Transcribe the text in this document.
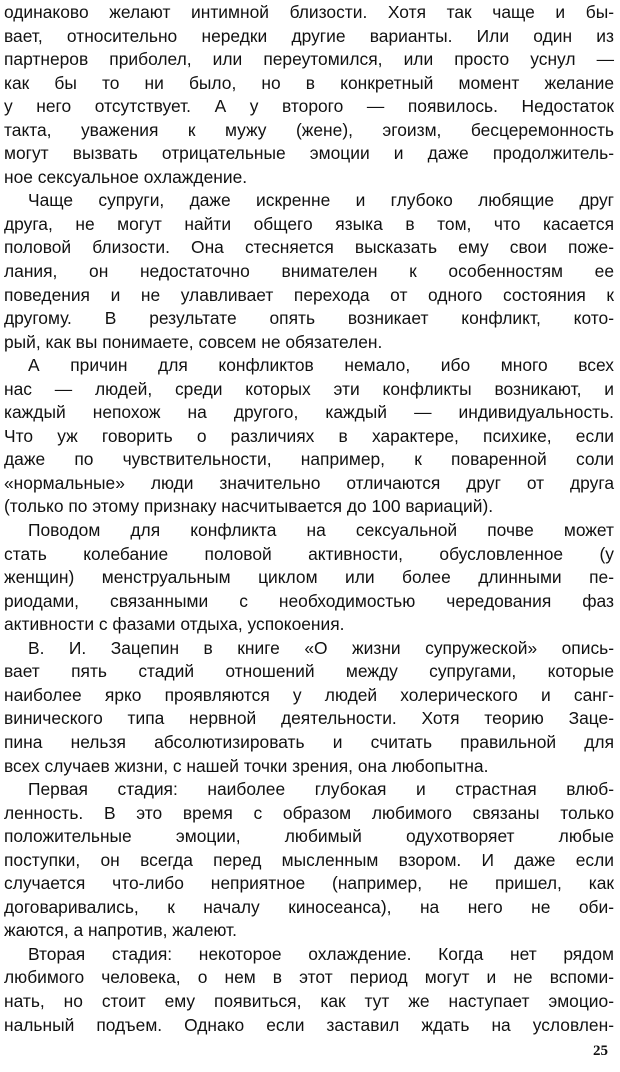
одинаково желают интимной близости. Хотя так чаще и бы-
вает, относительно нередки другие варианты. Или один из
партнеров приболел, или переутомился, или просто уснул —
как бы то ни было, но в конкретный момент желание
у него отсутствует. А у второго — появилось. Недостаток
такта, уважения к мужу (жене), эгоизм, бесцеремонность
могут вызвать отрицательные эмоции и даже продолжитель-
ное сексуальное охлаждение.
Чаще супруги, даже искренне и глубоко любящие друг
друга, не могут найти общего языка в том, что касается
половой близости. Она стесняется высказать ему свои поже-
лания, он недостаточно внимателен к особенностям ее
поведения и не улавливает перехода от одного состояния к
другому. В результате опять возникает конфликт, кото-
рый, как вы понимаете, совсем не обязателен.
А причин для конфликтов немало, ибо много всех
нас — людей, среди которых эти конфликты возникают, и
каждый непохож на другого, каждый — индивидуальность.
Что уж говорить о различиях в характере, психике, если
даже по чувствительности, например, к поваренной соли
«нормальные» люди значительно отличаются друг от друга
(только по этому признаку насчитывается до 100 вариаций).
Поводом для конфликта на сексуальной почве может
стать колебание половой активности, обусловленное (у
женщин) менструальным циклом или более длинными пе-
риодами, связанными с необходимостью чередования фаз
активности с фазами отдыха, успокоения.
В. И. Зацепин в книге «О жизни супружеской» опись-
вает пять стадий отношений между супругами, которые
наиболее ярко проявляются у людей холерического и санг-
винического типа нервной деятельности. Хотя теорию Заце-
пина нельзя абсолютизировать и считать правильной для
всех случаев жизни, с нашей точки зрения, она любопытна.
Первая стадия: наиболее глубокая и страстная влюб-
ленность. В это время с образом любимого связаны только
положительные эмоции, любимый одухотворяет любые
поступки, он всегда перед мысленным взором. И даже если
случается что-либо неприятное (например, не пришел, как
договаривались, к началу киносеанса), на него не оби-
жаются, а напротив, жалеют.
Вторая стадия: некоторое охлаждение. Когда нет рядом
любимого человека, о нем в этот период могут и не вспоми-
нать, но стоит ему появиться, как тут же наступает эмоцио-
нальный подъем. Однако если заставил ждать на условлен-
25
